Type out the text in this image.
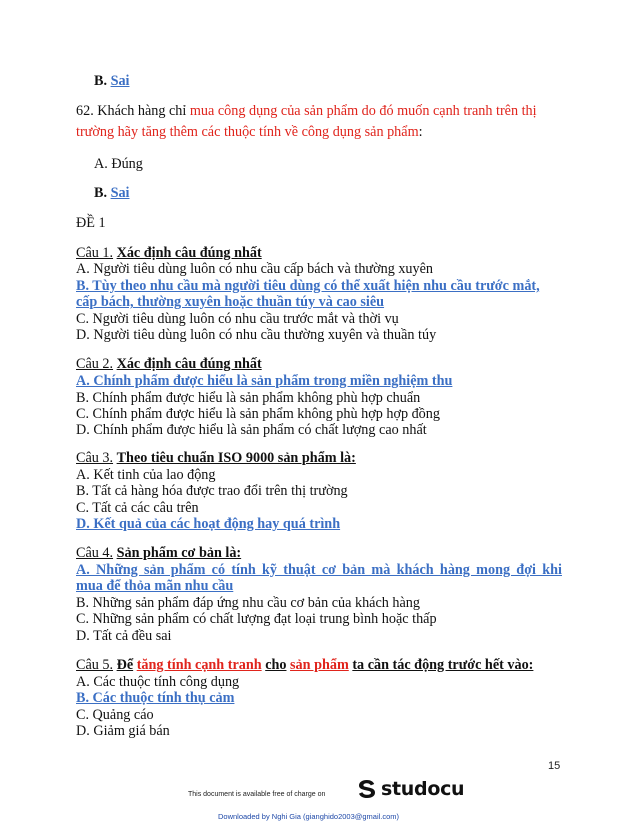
B. Sai
62. Khách hàng chỉ mua công dụng của sản phẩm do đó muốn cạnh tranh trên thị
trường hãy tăng thêm các thuộc tính về công dụng sản phẩm:
A. Đúng
B. Sai
ĐỀ 1
Câu 1. Xác định câu đúng nhất
A. Người tiêu dùng luôn có nhu cầu cấp bách và thường xuyên
B. Tùy theo nhu cầu mà người tiêu dùng có thể xuất hiện nhu cầu trước mắt,
cấp bách, thường xuyên hoặc thuần túy và cao siêu
C. Người tiêu dùng luôn có nhu cầu trước mắt và thời vụ
D. Người tiêu dùng luôn có nhu cầu thường xuyên và thuần túy
Câu 2. Xác định câu đúng nhất
A. Chính phẩm được hiểu là sản phẩm trong miền nghiệm thu
B. Chính phẩm được hiểu là sản phẩm không phù hợp chuẩn
C. Chính phẩm được hiểu là sản phẩm không phù hợp hợp đồng
D. Chính phẩm được hiểu là sản phẩm có chất lượng cao nhất
Câu 3. Theo tiêu chuẩn ISO 9000 sản phẩm là:
A. Kết tinh của lao động
B. Tất cả hàng hóa được trao đổi trên thị trường
C. Tất cả các câu trên
D. Kết quả của các hoạt động hay quá trình
Câu 4. Sản phẩm cơ bản là:
A. Những sản phẩm có tính kỹ thuật cơ bản mà khách hàng mong đợi khi
mua để thỏa mãn nhu cầu
B. Những sản phẩm đáp ứng nhu cầu cơ bản của khách hàng
C. Những sản phẩm có chất lượng đạt loại trung bình hoặc thấp
D. Tất cả đều sai
Câu 5. Để tăng tính cạnh tranh cho sản phẩm ta cần tác động trước hết vào:
A. Các thuộc tính công dụng
B. Các thuộc tính thụ cảm
C. Quảng cáo
D. Giảm giá bán
15
This document is available free of charge on	studocu
Downloaded by Nghi Gia (gianghido2003@gmail.com)
